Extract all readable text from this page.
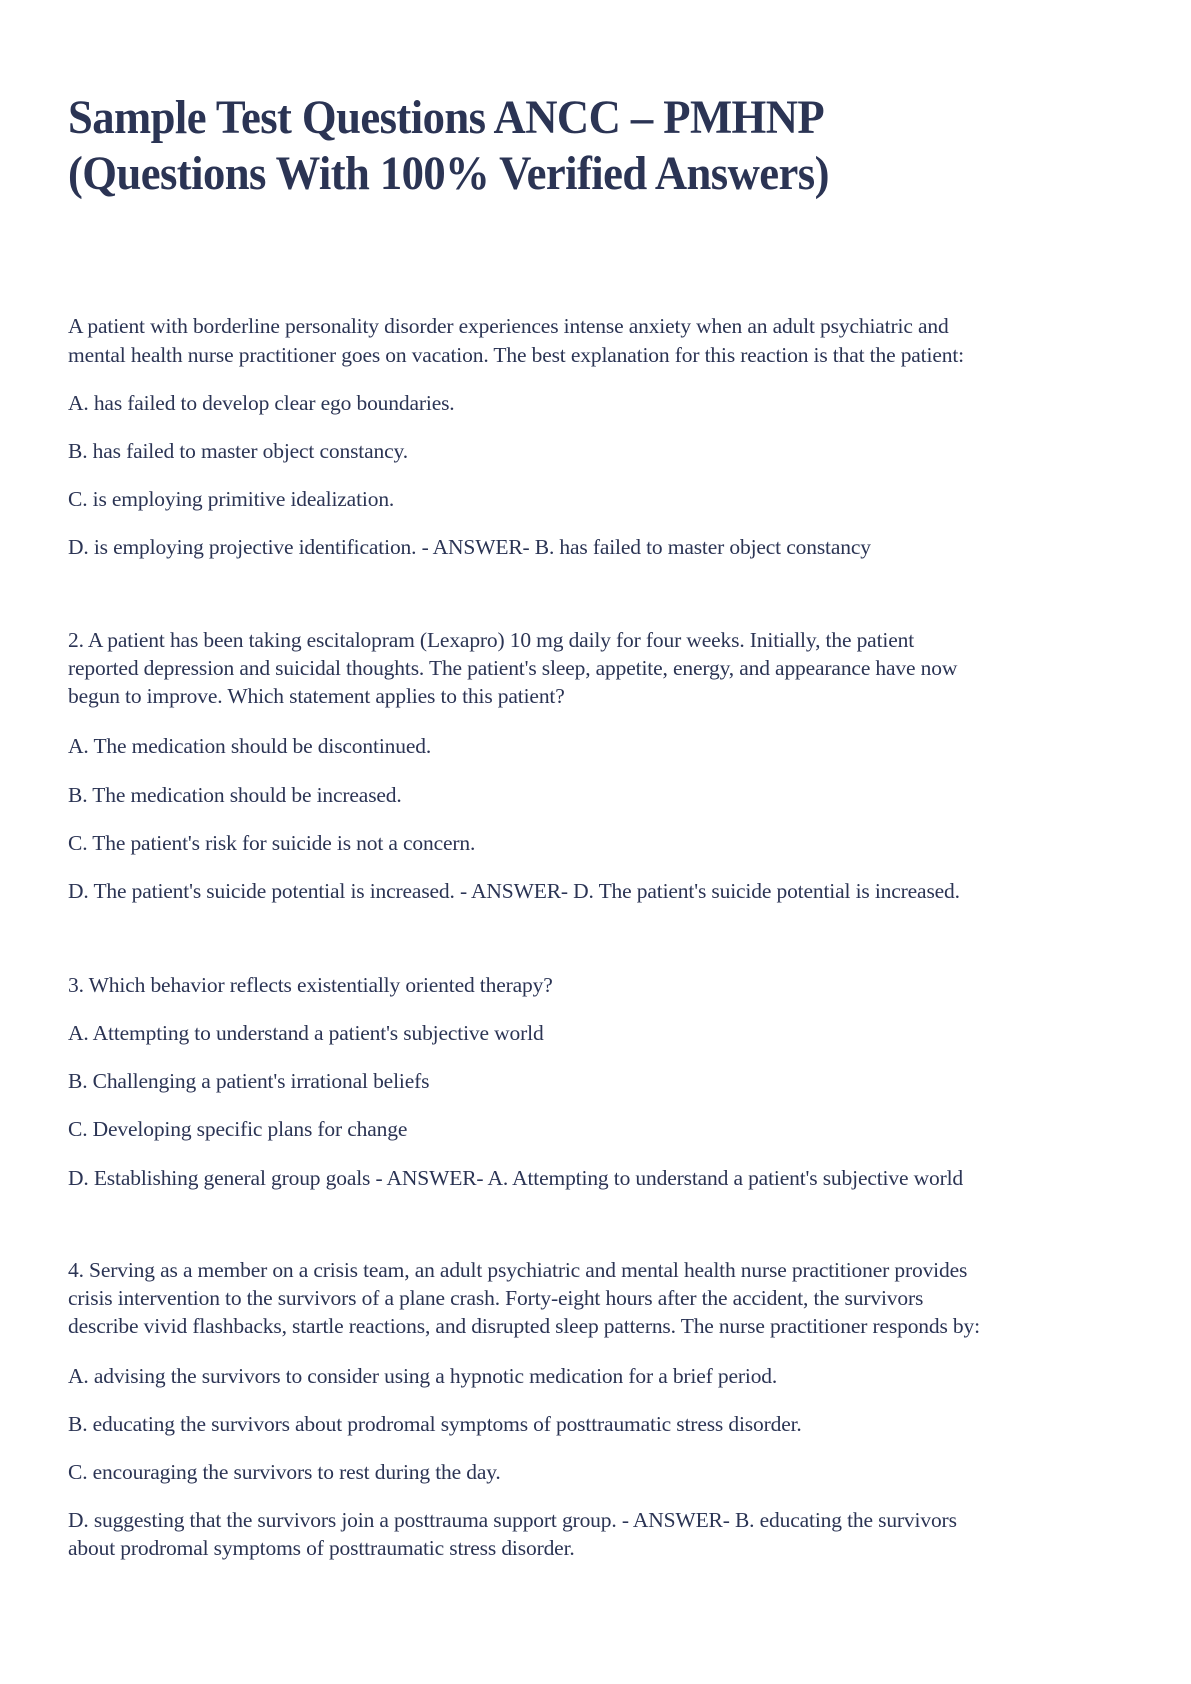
Sample Test Questions ANCC – PMHNP
(Questions With 100% Verified Answers)
A patient with borderline personality disorder experiences intense anxiety when an adult psychiatric and
mental health nurse practitioner goes on vacation. The best explanation for this reaction is that the patient:
A. has failed to develop clear ego boundaries.
B. has failed to master object constancy.
C. is employing primitive idealization.
D. is employing projective identification. - ANSWER- B. has failed to master object constancy
2. A patient has been taking escitalopram (Lexapro) 10 mg daily for four weeks. Initially, the patient
reported depression and suicidal thoughts. The patient's sleep, appetite, energy, and appearance have now
begun to improve. Which statement applies to this patient?
A. The medication should be discontinued.
B. The medication should be increased.
C. The patient's risk for suicide is not a concern.
D. The patient's suicide potential is increased. - ANSWER- D. The patient's suicide potential is increased.
3. Which behavior reflects existentially oriented therapy?
A. Attempting to understand a patient's subjective world
B. Challenging a patient's irrational beliefs
C. Developing specific plans for change
D. Establishing general group goals - ANSWER- A. Attempting to understand a patient's subjective world
4. Serving as a member on a crisis team, an adult psychiatric and mental health nurse practitioner provides
crisis intervention to the survivors of a plane crash. Forty-eight hours after the accident, the survivors
describe vivid flashbacks, startle reactions, and disrupted sleep patterns. The nurse practitioner responds by:
A. advising the survivors to consider using a hypnotic medication for a brief period.
B. educating the survivors about prodromal symptoms of posttraumatic stress disorder.
C. encouraging the survivors to rest during the day.
D. suggesting that the survivors join a posttrauma support group. - ANSWER- B. educating the survivors
about prodromal symptoms of posttraumatic stress disorder.
